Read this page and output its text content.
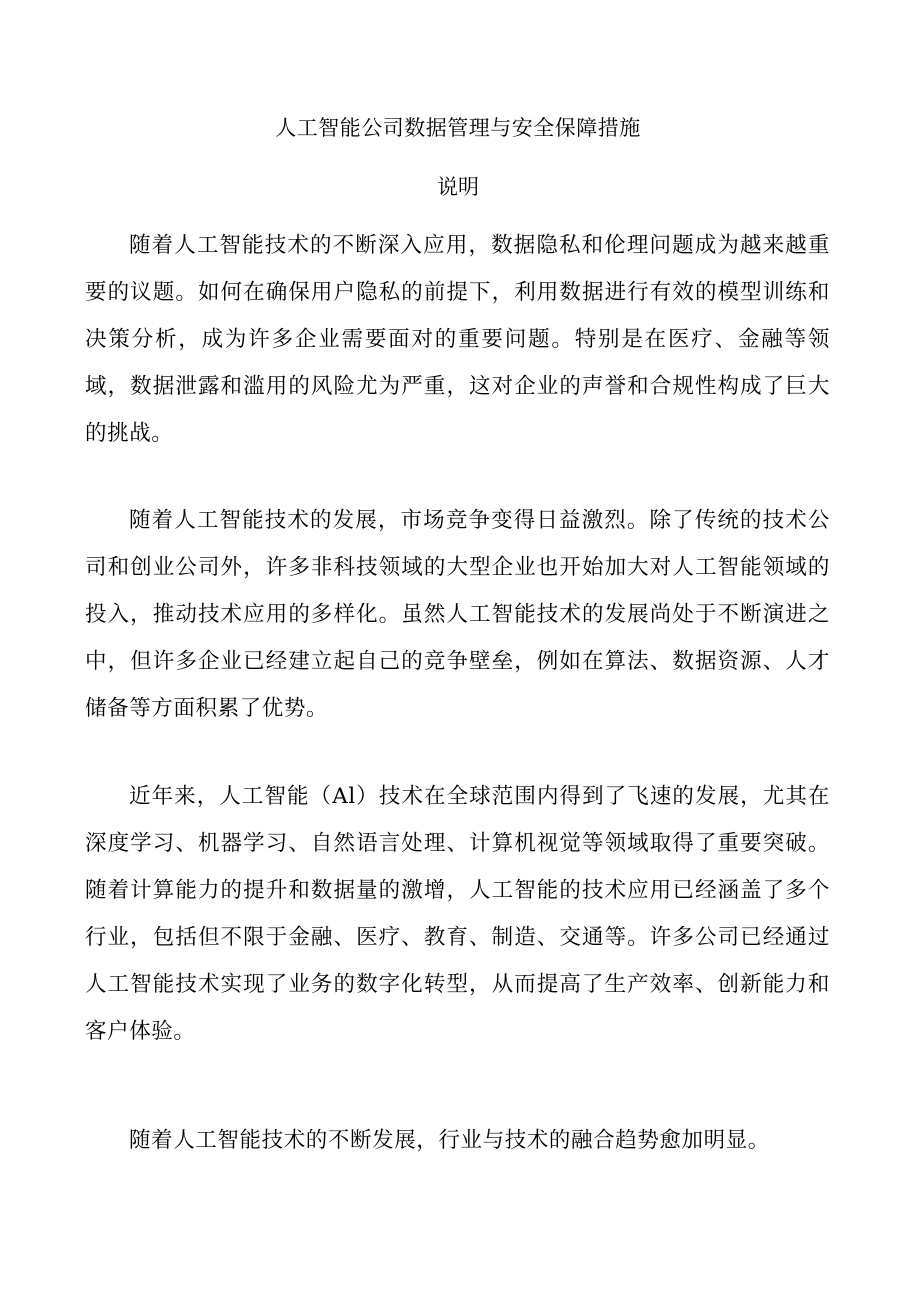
人工智能公司数据管理与安全保障措施
说明

随着人工智能技术的不断深入应用，数据隐私和伦理问题成为越来越重要的议题。如何在确保用户隐私的前提下，利用数据进行有效的模型训练和决策分析，成为许多企业需要面对的重要问题。特别是在医疗、金融等领域，数据泄露和滥用的风险尤为严重，这对企业的声誉和合规性构成了巨大的挑战。

随着人工智能技术的发展，市场竞争变得日益激烈。除了传统的技术公司和创业公司外，许多非科技领域的大型企业也开始加大对人工智能领域的投入，推动技术应用的多样化。虽然人工智能技术的发展尚处于不断演进之中，但许多企业已经建立起自己的竞争壁垒，例如在算法、数据资源、人才储备等方面积累了优势。

近年来，人工智能（Al）技术在全球范围内得到了飞速的发展，尤其在深度学习、机器学习、自然语言处理、计算机视觉等领域取得了重要突破。随着计算能力的提升和数据量的激增，人工智能的技术应用已经涵盖了多个行业，包括但不限于金融、医疗、教育、制造、交通等。许多公司已经通过人工智能技术实现了业务的数字化转型，从而提高了生产效率、创新能力和客户体验。

随着人工智能技术的不断发展，行业与技术的融合趋势愈加明显。
